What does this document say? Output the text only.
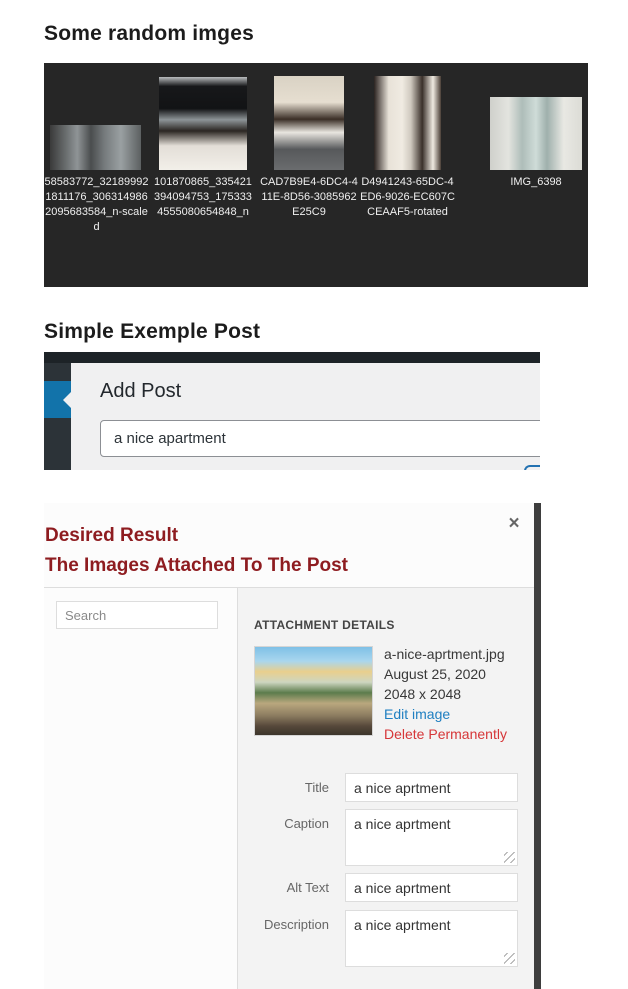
Some random imges
58583772_321899921811176_3063149862095683584_n-scaled
101870865_335421394094753_1753334555080654848_n
CAD7B9E4-6DC4-411E-8D56-3085962E25C9
D4941243-65DC-4ED6-9026-EC607CCEAAF5-rotated
IMG_6398
Simple Exemple Post
Add Post
a nice apartment
×
Desired Result
The Images Attached To The Post
Search
ATTACHMENT DETAILS
a-nice-aprtment.jpg
August 25, 2020
2048 x 2048
Edit image
Delete Permanently
Title
a nice aprtment
Caption
a nice aprtment
Alt Text
a nice aprtment
Description
a nice aprtment
